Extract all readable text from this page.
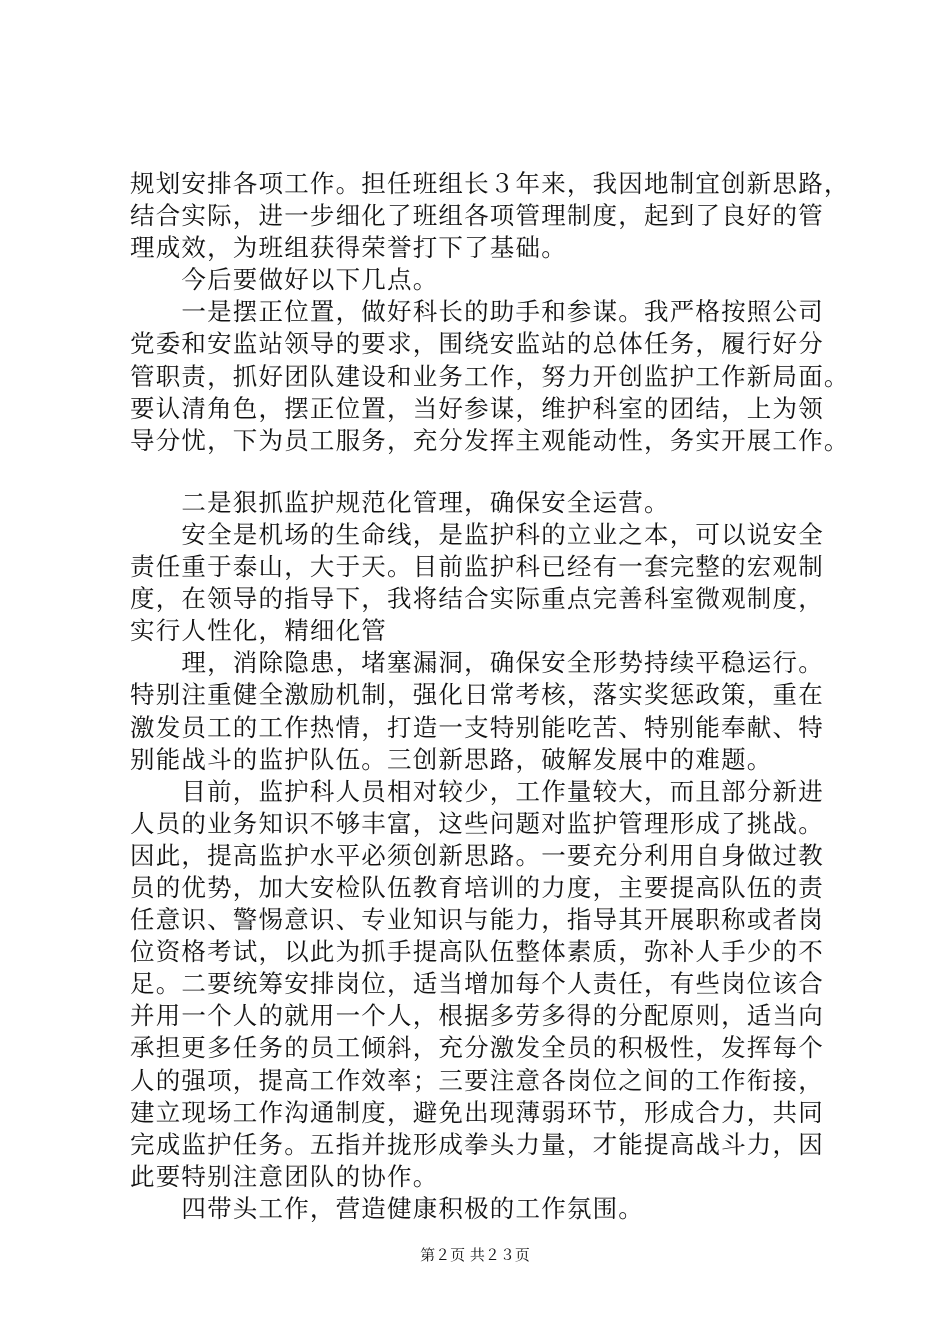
规划安排各项工作。担任班组长３年来，我因地制宜创新思路，
结合实际，进一步细化了班组各项管理制度，起到了良好的管
理成效，为班组获得荣誉打下了基础。
　　今后要做好以下几点。
　　一是摆正位置，做好科长的助手和参谋。我严格按照公司
党委和安监站领导的要求，围绕安监站的总体任务，履行好分
管职责，抓好团队建设和业务工作，努力开创监护工作新局面。
要认清角色，摆正位置，当好参谋，维护科室的团结，上为领
导分忧，下为员工服务，充分发挥主观能动性，务实开展工作。
　　二是狠抓监护规范化管理，确保安全运营。
　　安全是机场的生命线，是监护科的立业之本，可以说安全
责任重于泰山，大于天。目前监护科已经有一套完整的宏观制
度，在领导的指导下，我将结合实际重点完善科室微观制度，
实行人性化，精细化管
　　理，消除隐患，堵塞漏洞，确保安全形势持续平稳运行。
特别注重健全激励机制，强化日常考核，落实奖惩政策，重在
激发员工的工作热情，打造一支特别能吃苦、特别能奉献、特
别能战斗的监护队伍。三创新思路，破解发展中的难题。
　　目前，监护科人员相对较少，工作量较大，而且部分新进
人员的业务知识不够丰富，这些问题对监护管理形成了挑战。
因此，提高监护水平必须创新思路。一要充分利用自身做过教
员的优势，加大安检队伍教育培训的力度，主要提高队伍的责
任意识、警惕意识、专业知识与能力，指导其开展职称或者岗
位资格考试，以此为抓手提高队伍整体素质，弥补人手少的不
足。二要统筹安排岗位，适当增加每个人责任，有些岗位该合
并用一个人的就用一个人，根据多劳多得的分配原则，适当向
承担更多任务的员工倾斜，充分激发全员的积极性，发挥每个
人的强项，提高工作效率；三要注意各岗位之间的工作衔接，
建立现场工作沟通制度，避免出现薄弱环节，形成合力，共同
完成监护任务。五指并拢形成拳头力量，才能提高战斗力，因
此要特别注意团队的协作。
　　四带头工作，营造健康积极的工作氛围。
第２页 共２３页
